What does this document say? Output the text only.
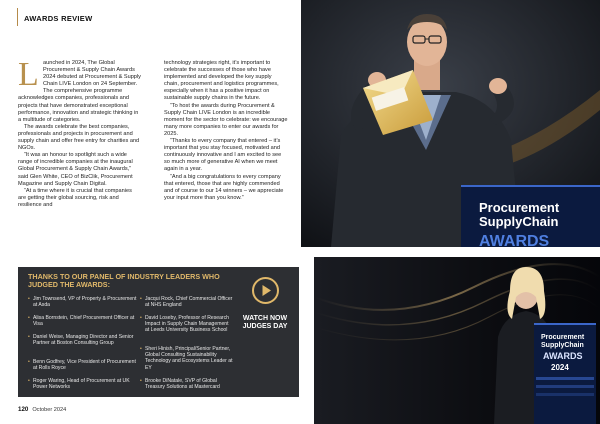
AWARDS REVIEW

Launched in 2024, The Global Procurement & Supply Chain Awards 2024 debuted at Procurement & Supply Chain LIVE London on 24 September. The comprehensive programme acknowledges companies, professionals and projects that have demonstrated exceptional performance, innovation and strategic thinking in a multitude of categories.

The awards celebrate the best companies, professionals and projects in procurement and supply chain and offer free entry for charities and NGOs.

“It was an honour to spotlight such a wide range of incredible companies at the inaugural Global Procurement & Supply Chain Awards,” said Glen White, CEO of BizClik, Procurement Magazine and Supply Chain Digital.

“At a time where it is crucial that companies are getting their global sourcing, risk and resilience and

technology strategies right, it’s important to celebrate the successes of those who have implemented and developed the key supply chain, procurement and logistics programmes, especially when it has a positive impact on sustainable supply chains in the future.

“To host the awards during Procurement & Supply Chain LIVE London is an incredible moment for the sector to celebrate: we encourage many more companies to enter our awards for 2025.

“Thanks to every company that entered – it’s important that you stay focused, motivated and continuously innovative and I am excited to see so much more of generative AI when we meet again in a year.

“And a big congratulations to every company that entered, those that are highly commended and of course to our 14 winners – we appreciate your input more than you know.”

Procurement
SupplyChain
AWARDS
Procurement
SupplyChain
AWARDS
2024
THANKS TO OUR PANEL OF INDUSTRY LEADERS WHO JUDGED THE AWARDS:
• Jim Townsend, VP of Property & Procurement at Asda
• Alisa Bornstein, Chief Procurement Officer at Visa
• Daniel Weise, Managing Director and Senior Partner at Boston Consulting Group
• Benn Godfrey, Vice President of Procurement at Rolls Royce
• Roger Waring, Head of Procurement at UK Power Networks
• Jacqui Rock, Chief Commercial Officer at NHS England
• David Loseby, Professor of Research Impact in Supply Chain Management at Leeds University Business School
• Sheri Hinish, Principal/Senior Partner, Global Consulting Sustainability Technology and Ecosystems Leader at EY
• Brooke DiNatale, SVP of Global Treasury Solutions at Mastercard
WATCH NOW
JUDGES DAY
120 October 2024
